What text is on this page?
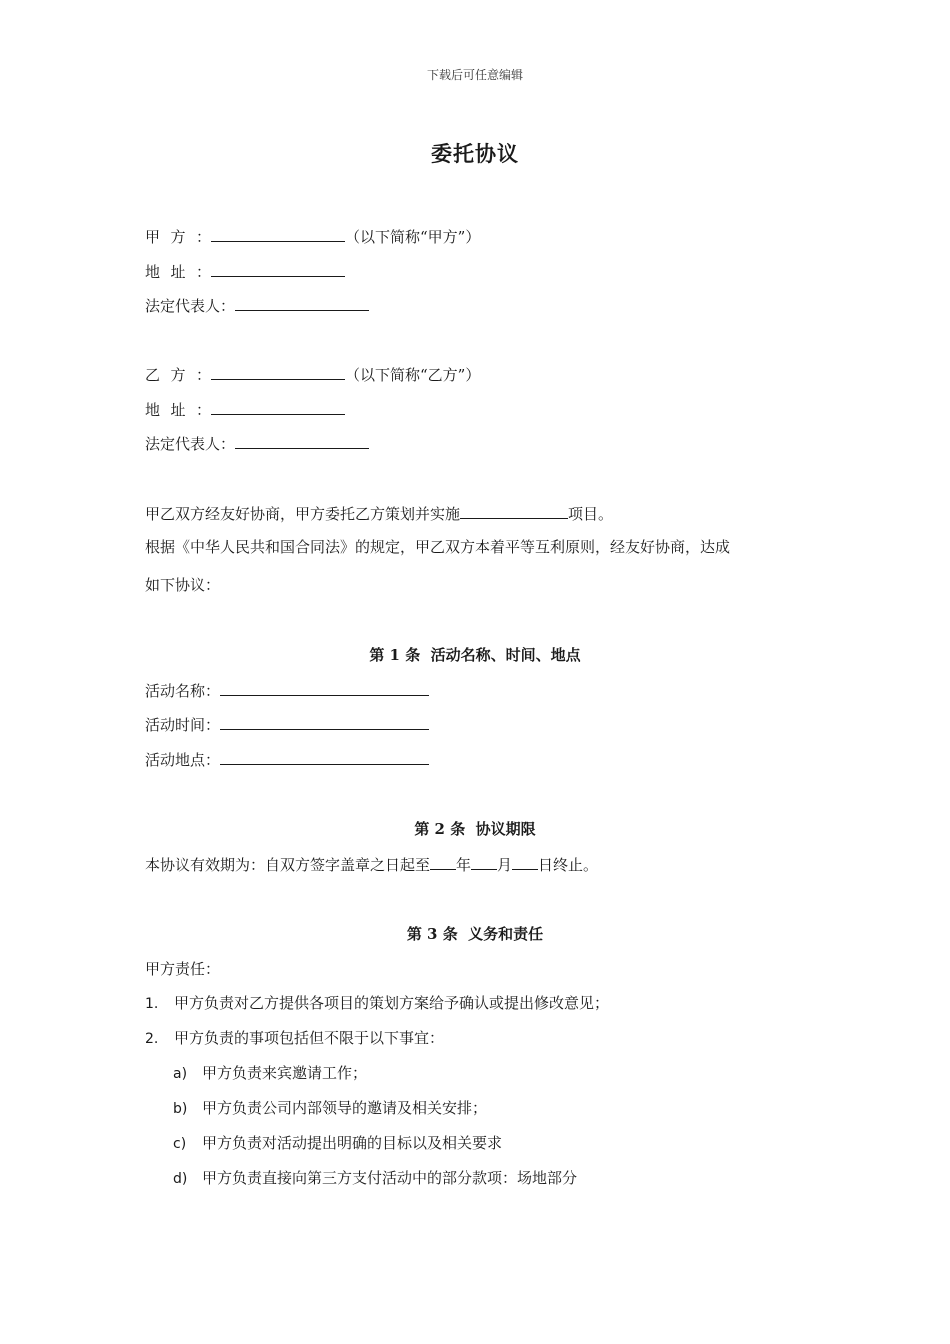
下载后可任意编辑
委托协议
甲方：	（以下简称“甲方”）
地址：
法定代表人：
乙方：	（以下简称“乙方”）
地址：
法定代表人：
甲乙双方经友好协商，甲方委托乙方策划并实施	项目。
根据《中华人民共和国合同法》的规定，甲乙双方本着平等互利原则，经友好协商，达成
如下协议：
第 1 条 活动名称、时间、地点
活动名称：
活动时间：
活动地点：
第 2 条 协议期限
本协议有效期为：自双方签字盖章之日起至 年 月 日终止。
第 3 条 义务和责任
甲方责任：
1. 甲方负责对乙方提供各项目的策划方案给予确认或提出修改意见；
2. 甲方负责的事项包括但不限于以下事宜：
a) 甲方负责来宾邀请工作；
b) 甲方负责公司内部领导的邀请及相关安排；
c) 甲方负责对活动提出明确的目标以及相关要求
d) 甲方负责直接向第三方支付活动中的部分款项：场地部分
